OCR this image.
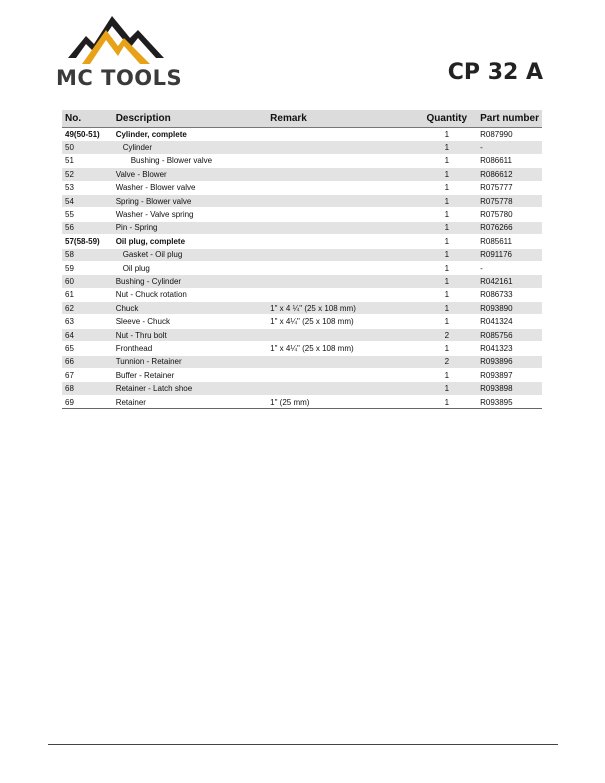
MC TOOLS	CP 32 A
No.	Description	Remark	Quantity	Part number
49(50-51)	Cylinder, complete		1	R087990
50	Cylinder		1	-
51	Bushing - Blower valve		1	R086611
52	Valve - Blower		1	R086612
53	Washer - Blower valve		1	R075777
54	Spring - Blower valve		1	R075778
55	Washer - Valve spring		1	R075780
56	Pin - Spring		1	R076266
57(58-59)	Oil plug, complete		1	R085611
58	Gasket - Oil plug		1	R091176
59	Oil plug		1	-
60	Bushing - Cylinder		1	R042161
61	Nut - Chuck rotation		1	R086733
62	Chuck	1" x 4 ¼" (25 x 108 mm)	1	R093890
63	Sleeve - Chuck	1" x 4¼" (25 x 108 mm)	1	R041324
64	Nut - Thru bolt		2	R085756
65	Fronthead	1" x 4¼" (25 x 108 mm)	1	R041323
66	Tunnion - Retainer		2	R093896
67	Buffer - Retainer		1	R093897
68	Retainer - Latch shoe		1	R093898
69	Retainer	1" (25 mm)	1	R093895
